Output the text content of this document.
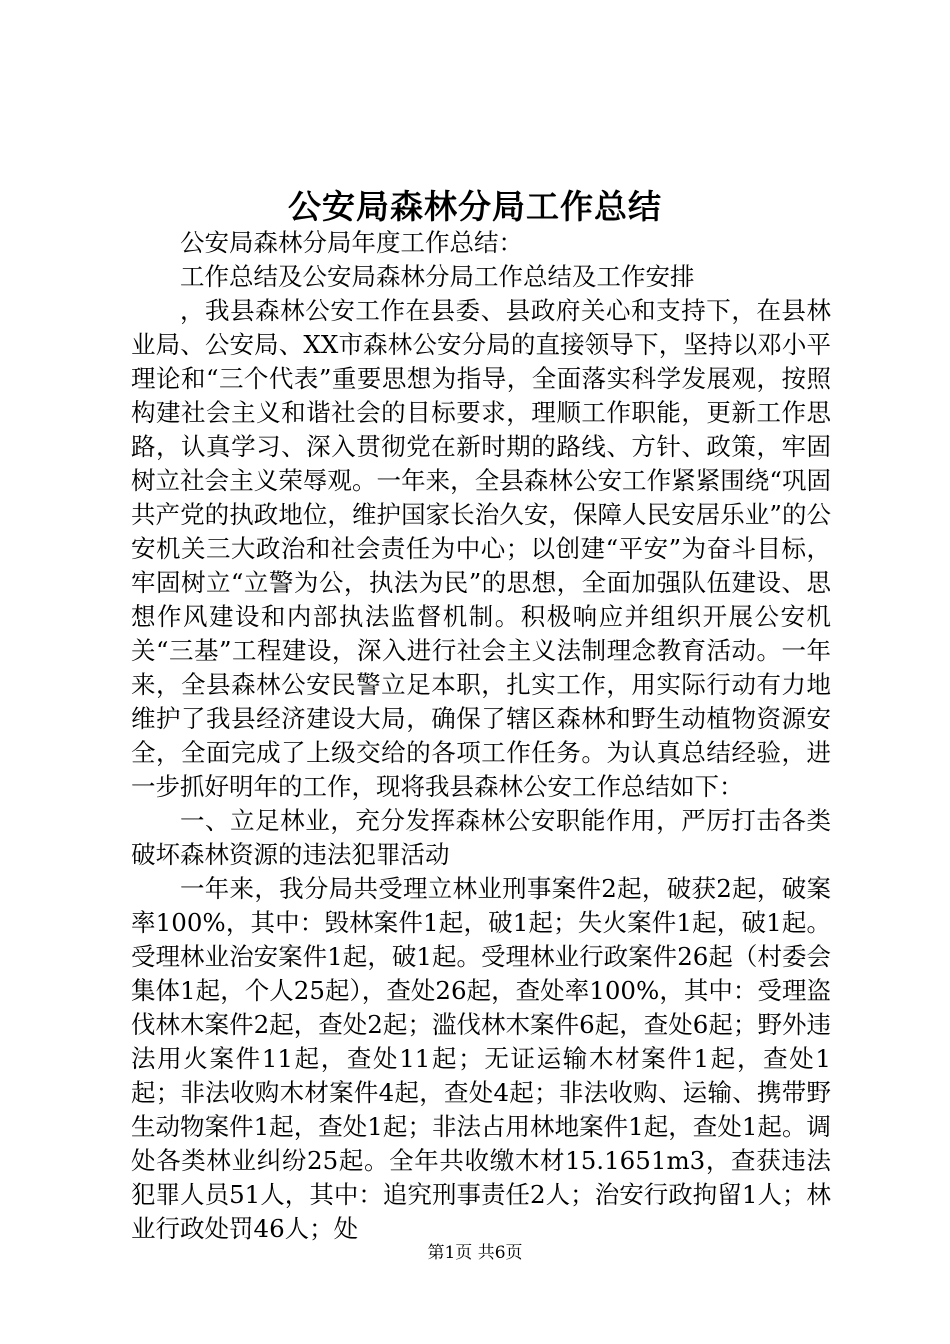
公安局森林分局工作总结

公安局森林分局年度工作总结：

工作总结及公安局森林分局工作总结及工作安排

，我县森林公安工作在县委、县政府关心和支持下，在县林业局、公安局、XX市森林公安分局的直接领导下，坚持以邓小平理论和“三个代表”重要思想为指导，全面落实科学发展观，按照构建社会主义和谐社会的目标要求，理顺工作职能，更新工作思路，认真学习、深入贯彻党在新时期的路线、方针、政策，牢固树立社会主义荣辱观。一年来，全县森林公安工作紧紧围绕“巩固共产党的执政地位，维护国家长治久安，保障人民安居乐业”的公安机关三大政治和社会责任为中心；以创建“平安”为奋斗目标，牢固树立“立警为公，执法为民”的思想，全面加强队伍建设、思想作风建设和内部执法监督机制。积极响应并组织开展公安机关“三基”工程建设，深入进行社会主义法制理念教育活动。一年来，全县森林公安民警立足本职，扎实工作，用实际行动有力地维护了我县经济建设大局，确保了辖区森林和野生动植物资源安全，全面完成了上级交给的各项工作任务。为认真总结经验，进一步抓好明年的工作，现将我县森林公安工作总结如下：

一、立足林业，充分发挥森林公安职能作用，严厉打击各类破坏森林资源的违法犯罪活动

一年来，我分局共受理立林业刑事案件2起，破获2起，破案率100%，其中：毁林案件1起，破1起；失火案件1起，破1起。受理林业治安案件1起，破1起。受理林业行政案件26起（村委会集体1起，个人25起），查处26起，查处率100%，其中：受理盗伐林木案件2起，查处2起；滥伐林木案件6起，查处6起；野外违法用火案件11起，查处11起；无证运输木材案件1起，查处1起；非法收购木材案件4起，查处4起；非法收购、运输、携带野生动物案件1起，查处1起；非法占用林地案件1起，查处1起。调处各类林业纠纷25起。全年共收缴木材15.1651m3，查获违法犯罪人员51人，其中：追究刑事责任2人；治安行政拘留1人；林业行政处罚46人；处

第1页 共6页
